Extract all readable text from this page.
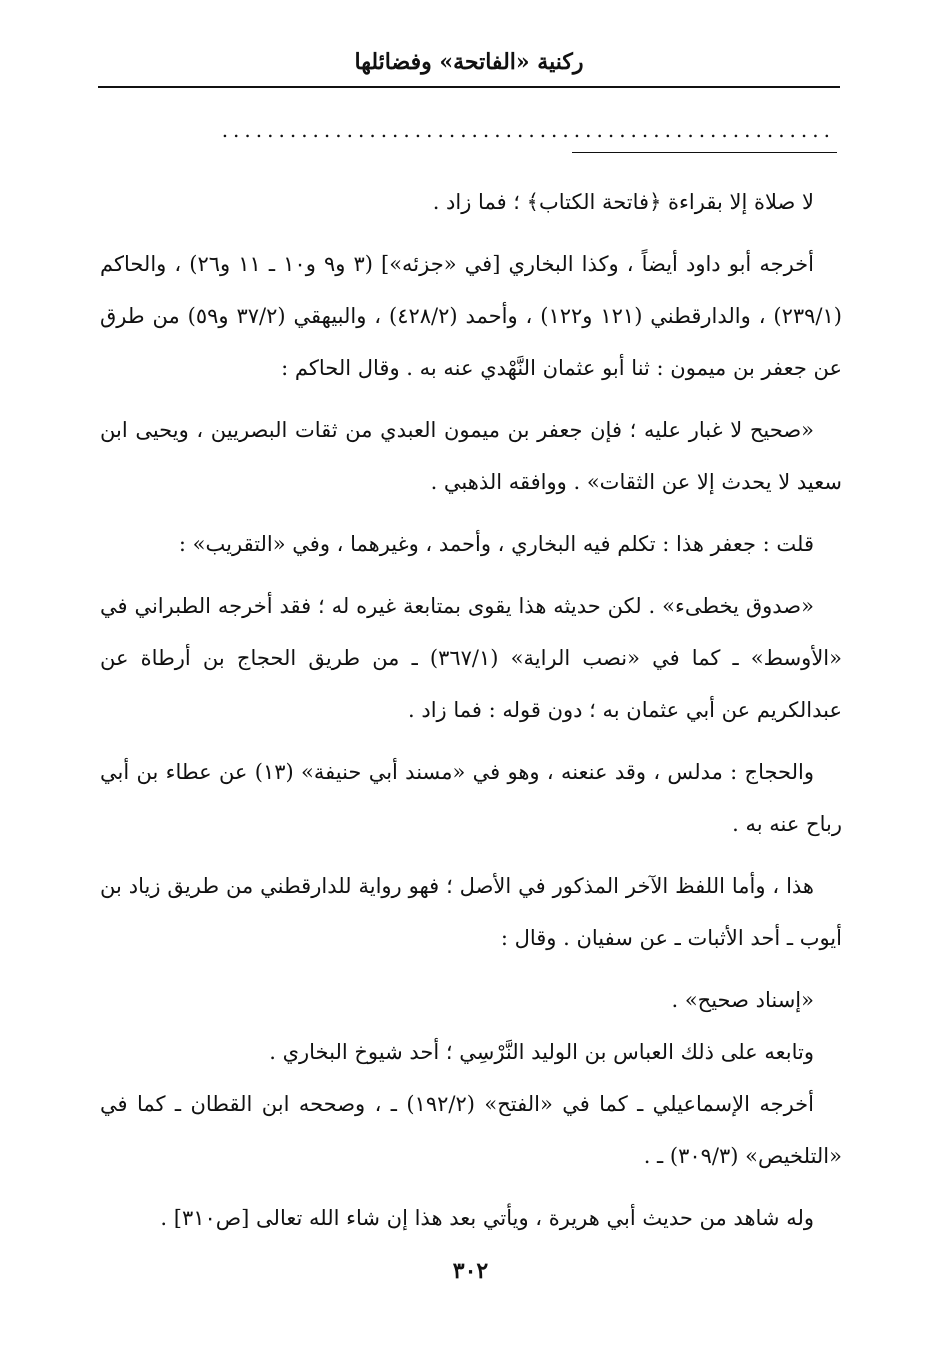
ركنية «الفاتحة» وفضائلها
......................................................

لا صلاة إلا بقراءة ﴿فاتحة الكتاب﴾ ؛ فما زاد .

أخرجه أبو داود أيضاً ، وكذا البخاري [في «جزئه»] (٣ و٩ و١٠ ـ ١١ و٢٦) ، والحاكم (٢٣٩/١) ، والدارقطني (١٢١ و١٢٢) ، وأحمد (٤٢٨/٢) ، والبيهقي (٣٧/٢ و٥٩) من طرق عن جعفر بن ميمون : ثنا أبو عثمان النَّهْدي عنه به . وقال الحاكم :

«صحيح لا غبار عليه ؛ فإن جعفر بن ميمون العبدي من ثقات البصريين ، ويحيى ابن سعيد لا يحدث إلا عن الثقات» . ووافقه الذهبي .

قلت : جعفر هذا : تكلم فيه البخاري ، وأحمد ، وغيرهما ، وفي «التقريب» :

«صدوق يخطىء» . لكن حديثه هذا يقوى بمتابعة غيره له ؛ فقد أخرجه الطبراني في «الأوسط» ـ كما في «نصب الراية» (٣٦٧/١) ـ من طريق الحجاج بن أرطاة عن عبدالكريم عن أبي عثمان به ؛ دون قوله : فما زاد .

والحجاج : مدلس ، وقد عنعنه ، وهو في «مسند أبي حنيفة» (١٣) عن عطاء بن أبي رباح عنه به .

هذا ، وأما اللفظ الآخر المذكور في الأصل ؛ فهو رواية للدارقطني من طريق زياد بن أيوب ـ أحد الأثبات ـ عن سفيان . وقال :

«إسناد صحيح» .

وتابعه على ذلك العباس بن الوليد النَّرْسِي ؛ أحد شيوخ البخاري .

أخرجه الإسماعيلي ـ كما في «الفتح» (١٩٢/٢) ـ ، وصححه ابن القطان ـ كما في «التلخيص» (٣٠٩/٣) ـ .

وله شاهد من حديث أبي هريرة ، ويأتي بعد هذا إن شاء الله تعالى [ص٣١٠] .

٣٠٢
